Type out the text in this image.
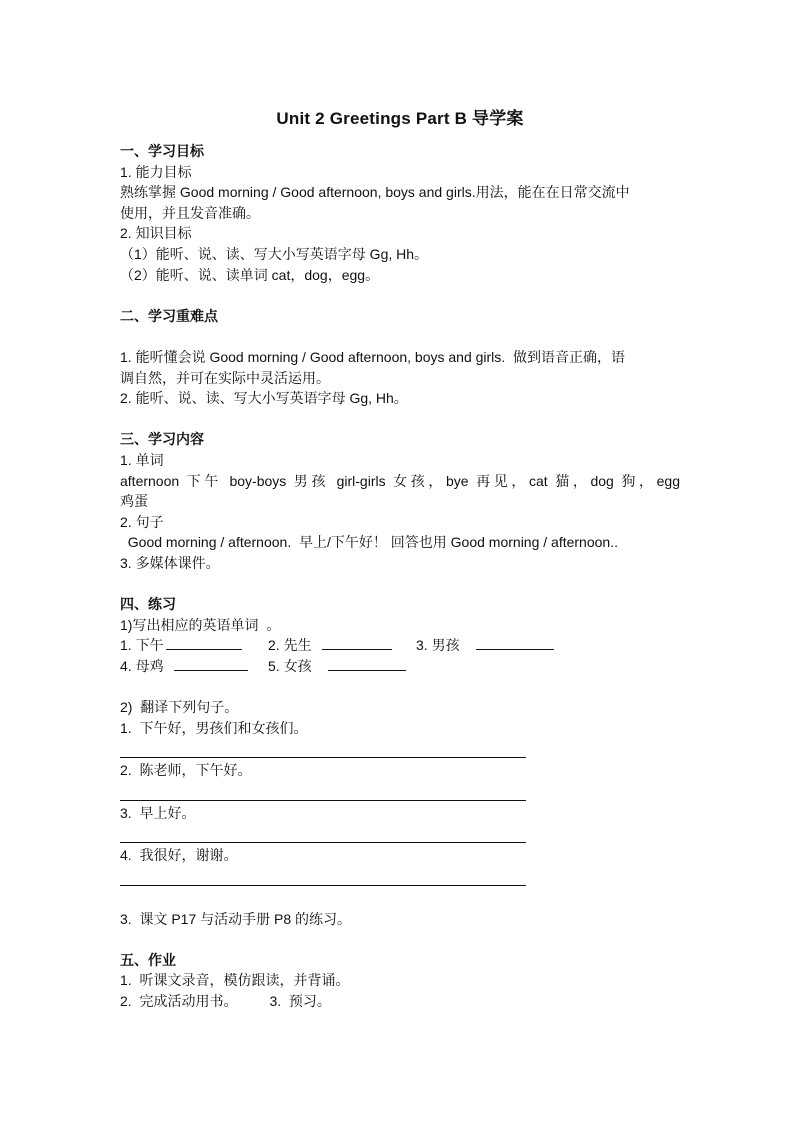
Unit 2 Greetings Part B 导学案

一、学习目标

1. 能力目标

熟练掌握 Good morning / Good afternoon, boys and girls.用法，能在在日常交流中

使用，并且发音准确。

2. 知识目标

（1）能听、说、读、写大小写英语字母 Gg, Hh。

（2）能听、说、读单词 cat，dog，egg。

二、学习重难点

1. 能听懂会说 Good morning / Good afternoon, boys and girls.  做到语音正确，语

调自然，并可在实际中灵活运用。

2. 能听、说、读、写大小写英语字母 Gg, Hh。

三、学习内容

1. 单词

afternoon 下午 boy-boys 男孩 girl-girls 女孩，bye 再见，cat 猫，dog 狗，egg

鸡蛋

2. 句子

Good morning / afternoon.  早上/下午好！ 回答也用 Good morning / afternoon..

3. 多媒体课件。

四、练习

1)写出相应的英语单词  。

1. 下午	2. 先生	3. 男孩
4. 母鸡	5. 女孩

2)  翻译下列句子。

1.  下午好，男孩们和女孩们。

2.  陈老师，下午好。

3.  早上好。

4.  我很好，谢谢。

3.  课文 P17 与活动手册 P8 的练习。

五、作业

1.  听课文录音，模仿跟读，并背诵。

2.  完成活动用书。 3.  预习。
